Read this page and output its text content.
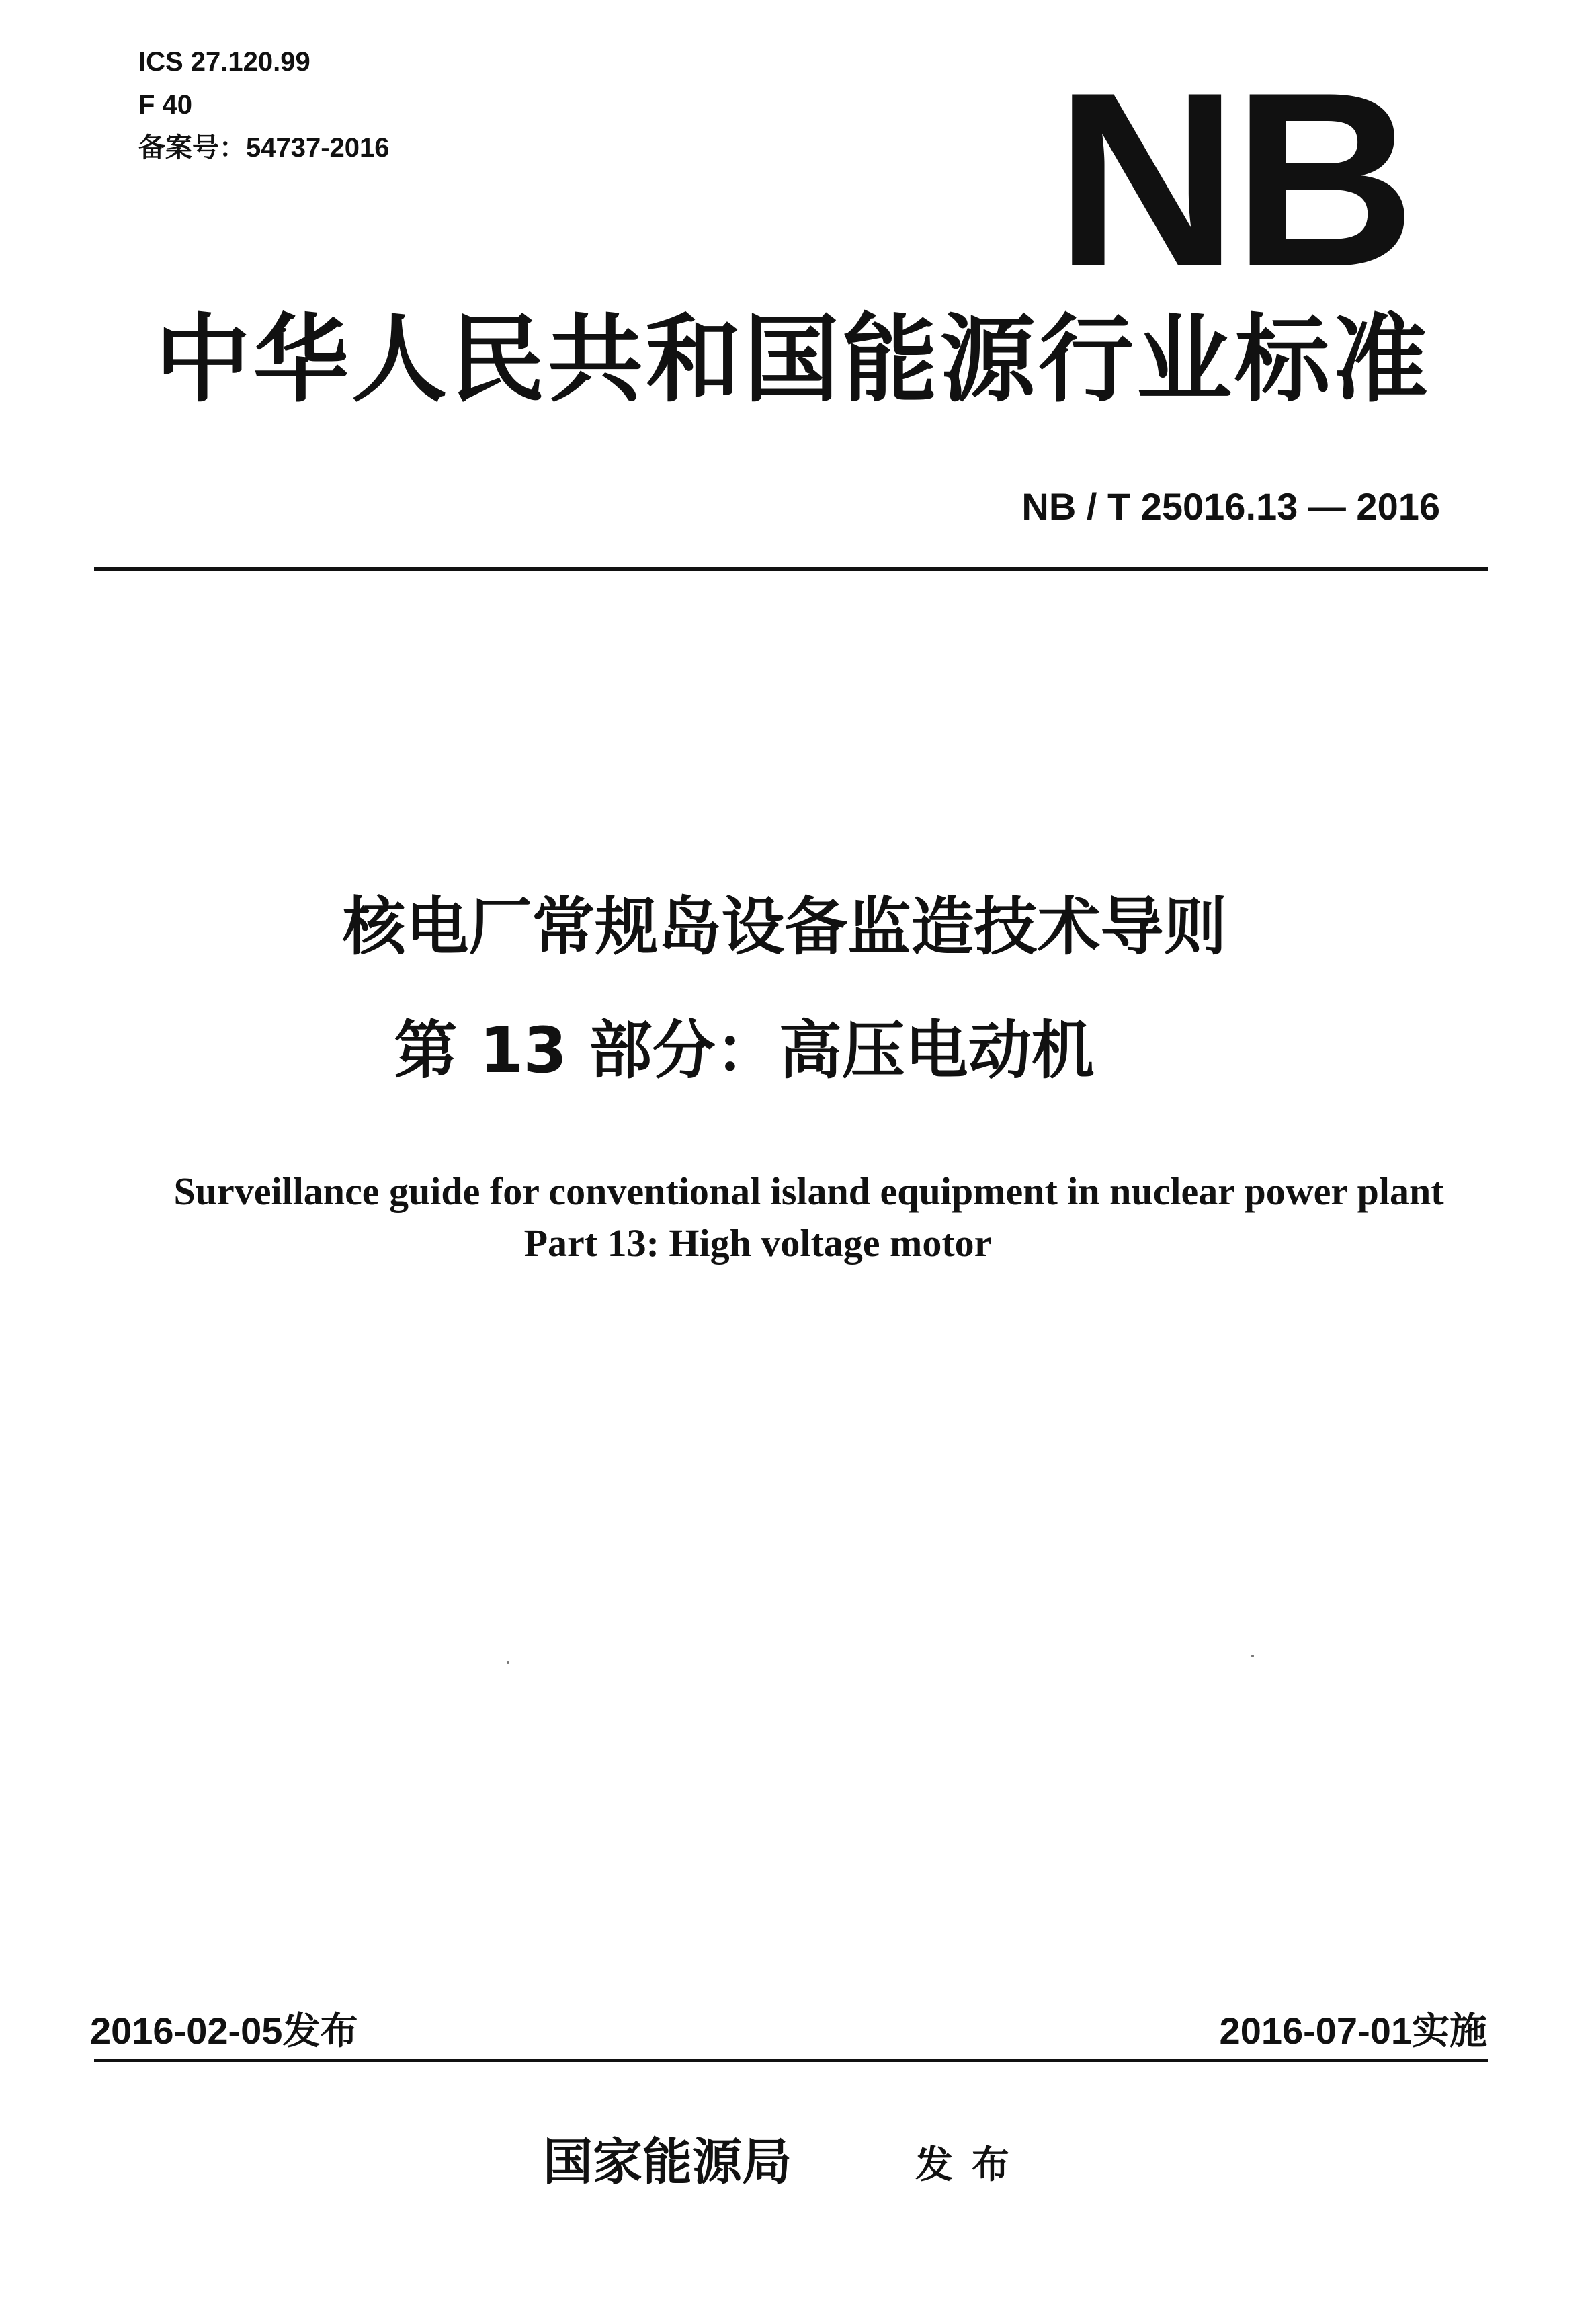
ICS 27.120.99
F 40
备案号：54737-2016	NB
中华人民共和国能源行业标准
NB / T 25016.13 — 2016
核电厂常规岛设备监造技术导则
第 13 部分：高压电动机
Surveillance guide for conventional island equipment in nuclear power plant
Part 13: High voltage motor
2016-02-05发布	2016-07-01实施
国家能源局	发布
